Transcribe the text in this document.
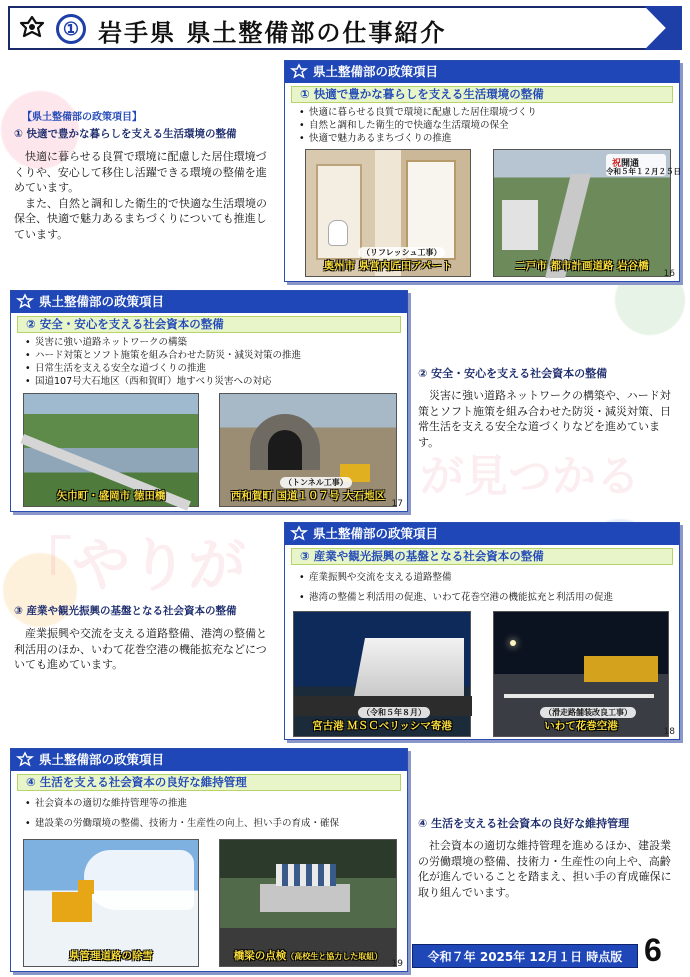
① 岩手県 県土整備部の仕事紹介
【県土整備部の政策項目】
① 快適で豊かな暮らしを支える生活環境の整備
快適に暮らせる良質で環境に配慮した居住環境づくりや、安心して移住し活躍できる環境の整備を進めています。
また、自然と調和した衛生的で快適な生活環境の保全、快適で魅力あるまちづくりについても推進しています。
県土整備部の政策項目
① 快適で豊かな暮らしを支える生活環境の整備
• 快適に暮らせる良質で環境に配慮した居住環境づくり
• 自然と調和した衛生的で快適な生活環境の保全
• 快適で魅力あるまちづくりの推進
（リフレッシュ工事）
奥州市 県営内匠田アパート
祝開通
令和５年１２月２５日
二戸市 都市計画道路 岩谷橋
16
県土整備部の政策項目
② 安全・安心を支える社会資本の整備
• 災害に強い道路ネットワークの構築
• ハード対策とソフト施策を組み合わせた防災・減災対策の推進
• 日常生活を支える安全な道づくりの推進
• 国道107号大石地区（西和賀町）地すべり災害への対応
矢巾町・盛岡市 徳田橋
（トンネル工事）
西和賀町 国道１０７号 大石地区
17
② 安全・安心を支える社会資本の整備
災害に強い道路ネットワークの構築や、ハード対策とソフト施策を組み合わせた防災・減災対策、日常生活を支える安全な道づくりなどを進めています。
県土整備部の政策項目
③ 産業や観光振興の基盤となる社会資本の整備
• 産業振興や交流を支える道路整備
• 港湾の整備と利活用の促進、いわて花巻空港の機能拡充と利活用の促進
（令和５年８月）
宮古港 ＭＳＣベリッシマ寄港
（滑走路舗装改良工事）
いわて花巻空港	18
③ 産業や観光振興の基盤となる社会資本の整備
産業振興や交流を支える道路整備、港湾の整備と利活用のほか、いわて花巻空港の機能拡充などについても進めています。
県土整備部の政策項目
④ 生活を支える社会資本の良好な維持管理
• 社会資本の適切な維持管理等の推進
• 建設業の労働環境の整備、技術力・生産性の向上、担い手の育成・確保
県管理道路の除雪	橋梁の点検（高校生と協力した取組）
19
④ 生活を支える社会資本の良好な維持管理
社会資本の適切な維持管理を進めるほか、建設業の労働環境の整備、技術力・生産性の向上や、高齢化が進んでいることを踏まえ、担い手の育成確保に取り組んでいます。
令和７年 2025年 12月１日 時点版 6
